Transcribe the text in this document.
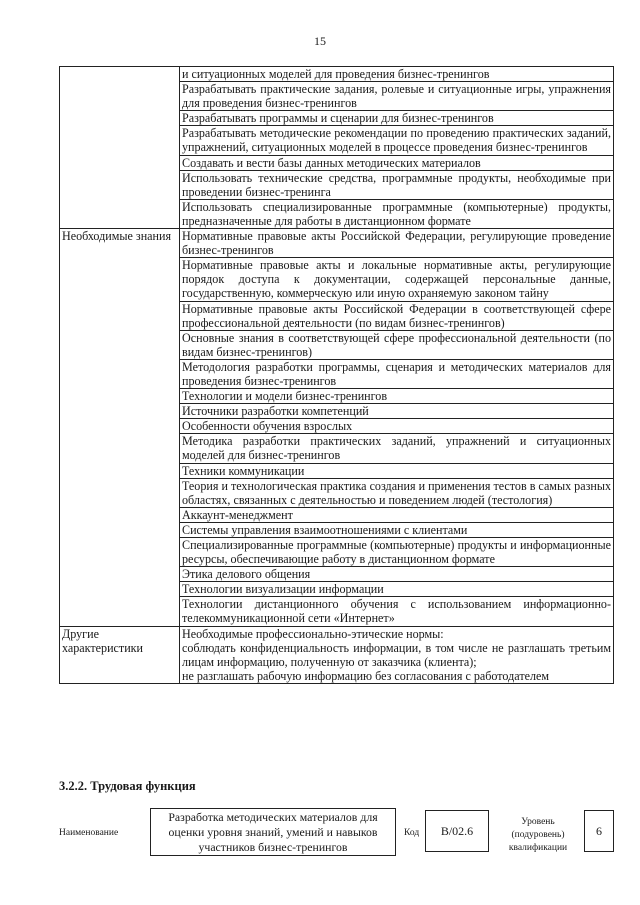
15
	и ситуационных моделей для проведения бизнес-тренингов
	Разрабатывать практические задания, ролевые и ситуационные игры, упражнения для проведения бизнес-тренингов
	Разрабатывать программы и сценарии для бизнес-тренингов
	Разрабатывать методические рекомендации по проведению практических заданий, упражнений, ситуационных моделей в процессе проведения бизнес-тренингов
	Создавать и вести базы данных методических материалов
	Использовать технические средства, программные продукты, необходимые при проведении бизнес-тренинга
	Использовать специализированные программные (компьютерные) продукты, предназначенные для работы в дистанционном формате
Необходимые знания	Нормативные правовые акты Российской Федерации, регулирующие проведение бизнес-тренингов
	Нормативные правовые акты и локальные нормативные акты, регулирующие порядок доступа к документации, содержащей персональные данные, государственную, коммерческую или иную охраняемую законом тайну
	Нормативные правовые акты Российской Федерации в соответствующей сфере профессиональной деятельности (по видам бизнес-тренингов)
	Основные знания в соответствующей сфере профессиональной деятельности (по видам бизнес-тренингов)
	Методология разработки программы, сценария и методических материалов для проведения бизнес-тренингов
	Технологии и модели бизнес-тренингов
	Источники разработки компетенций
	Особенности обучения взрослых
	Методика разработки практических заданий, упражнений и ситуационных моделей для бизнес-тренингов
	Техники коммуникации
	Теория и технологическая практика создания и применения тестов в самых разных областях, связанных с деятельностью и поведением людей (тестология)
	Аккаунт-менеджмент
	Системы управления взаимоотношениями с клиентами
	Специализированные программные (компьютерные) продукты и информационные ресурсы, обеспечивающие работу в дистанционном формате
	Этика делового общения
	Технологии визуализации информации
	Технологии дистанционного обучения с использованием информационно-телекоммуникационной сети «Интернет»
Другие характеристики	Необходимые профессионально-этические нормы:
соблюдать конфиденциальность информации, в том числе не разглашать третьим лицам информацию, полученную от заказчика (клиента);
не разглашать рабочую информацию без согласования с работодателем
3.2.2. Трудовая функция
Наименование
Разработка методических материалов для оценки уровня знаний, умений и навыков участников бизнес-тренингов
Код	B/02.6
Уровень (подуровень) квалификации
6
